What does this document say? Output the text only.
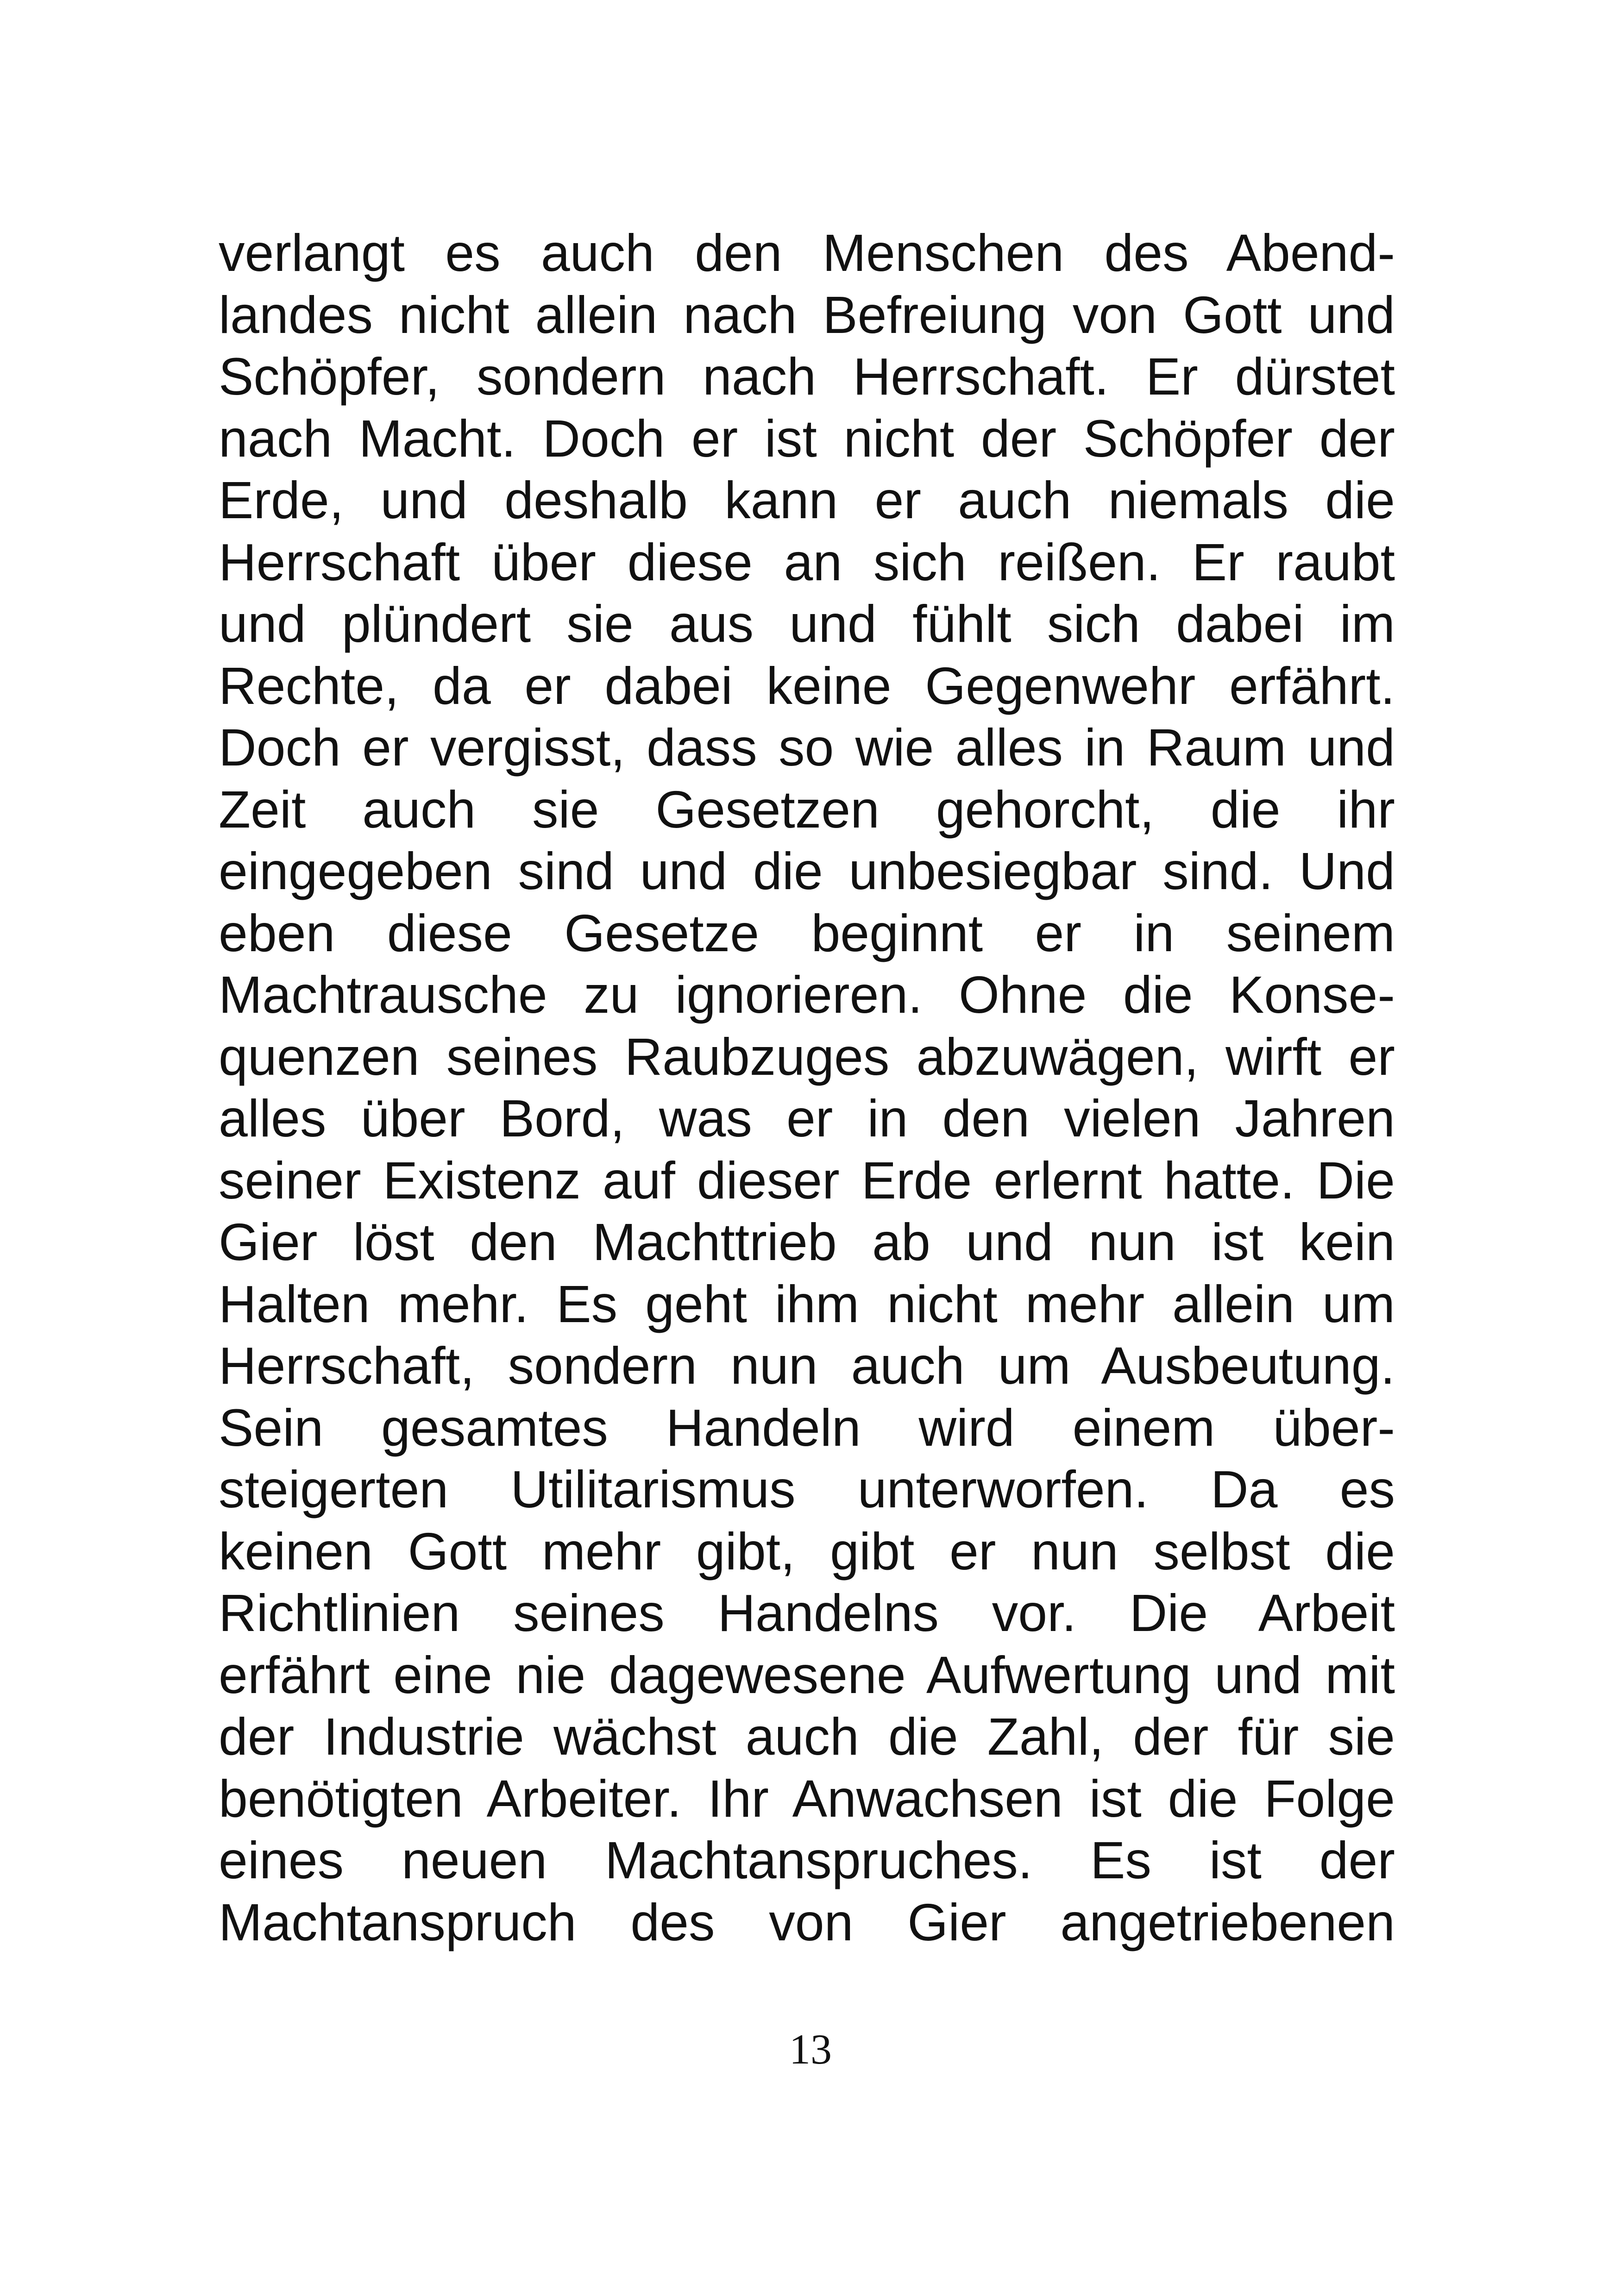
verlangt es auch den Menschen des Abend-
landes nicht allein nach Befreiung von Gott und
Schöpfer, sondern nach Herrschaft. Er dürstet
nach Macht. Doch er ist nicht der Schöpfer der
Erde, und deshalb kann er auch niemals die
Herrschaft über diese an sich reißen. Er raubt
und plündert sie aus und fühlt sich dabei im
Rechte, da er dabei keine Gegenwehr erfährt.
Doch er vergisst, dass so wie alles in Raum und
Zeit auch sie Gesetzen gehorcht, die ihr
eingegeben sind und die unbesiegbar sind. Und
eben diese Gesetze beginnt er in seinem
Machtrausche zu ignorieren. Ohne die Konse-
quenzen seines Raubzuges abzuwägen, wirft er
alles über Bord, was er in den vielen Jahren
seiner Existenz auf dieser Erde erlernt hatte. Die
Gier löst den Machttrieb ab und nun ist kein
Halten mehr. Es geht ihm nicht mehr allein um
Herrschaft, sondern nun auch um Ausbeutung.
Sein gesamtes Handeln wird einem über-
steigerten Utilitarismus unterworfen. Da es
keinen Gott mehr gibt, gibt er nun selbst die
Richtlinien seines Handelns vor. Die Arbeit
erfährt eine nie dagewesene Aufwertung und mit
der Industrie wächst auch die Zahl, der für sie
benötigten Arbeiter. Ihr Anwachsen ist die Folge
eines neuen Machtanspruches. Es ist der
Machtanspruch des von Gier angetriebenen
13
